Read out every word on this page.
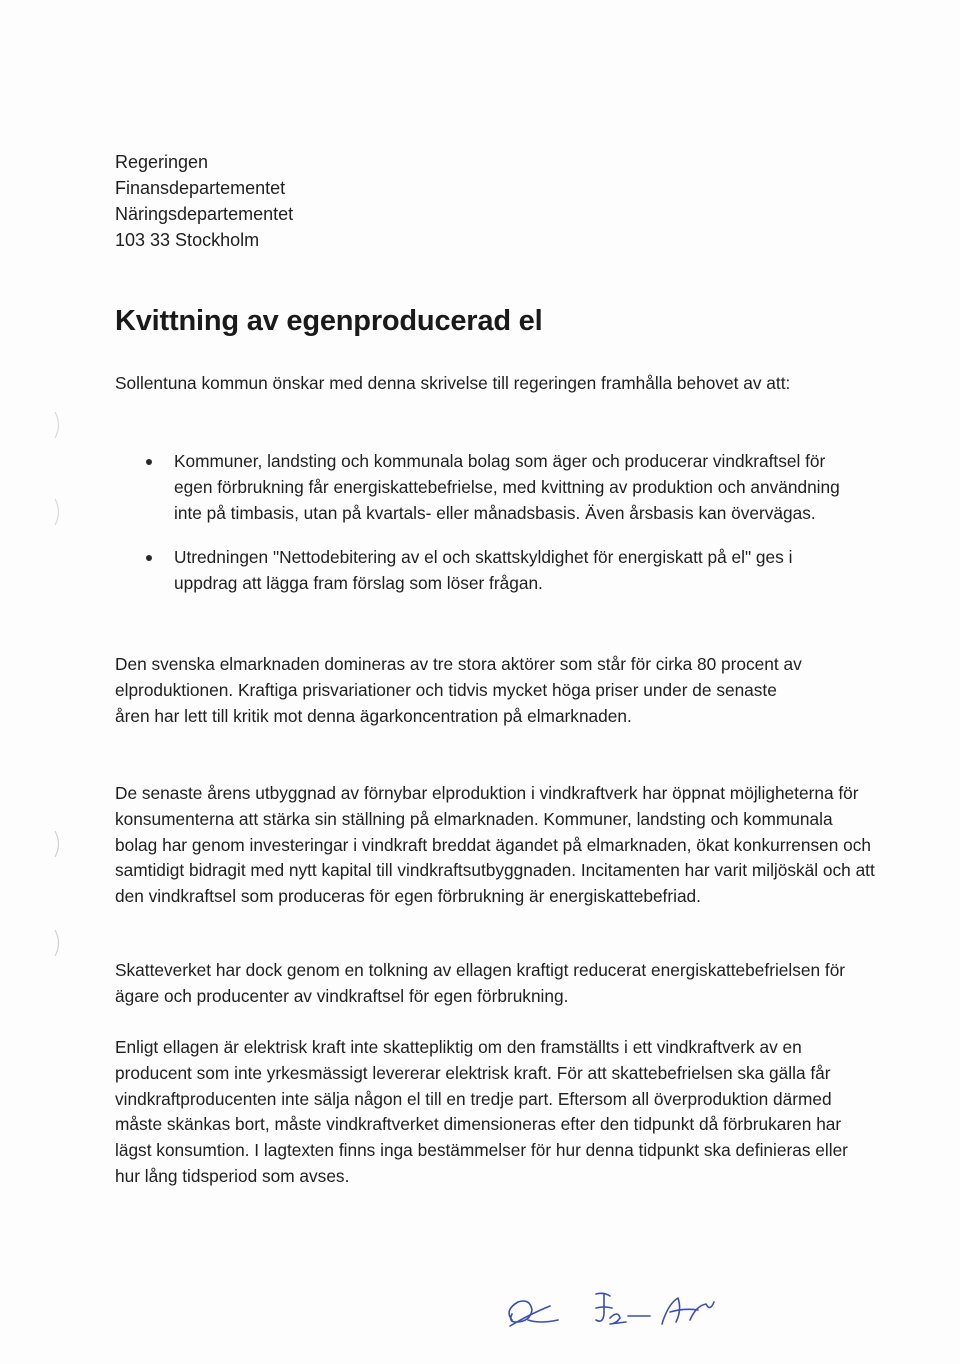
Regeringen
Finansdepartementet
Näringsdepartementet
103 33 Stockholm
Kvittning av egenproducerad el

Sollentuna kommun önskar med denna skrivelse till regeringen framhålla behovet av att:

Kommuner, landsting och kommunala bolag som äger och producerar vindkraftsel för egen förbrukning får energiskattebefrielse, med kvittning av produktion och användning inte på timbasis, utan på kvartals- eller månadsbasis. Även årsbasis kan övervägas.
Utredningen "Nettodebitering av el och skattskyldighet för energiskatt på el" ges i uppdrag att lägga fram förslag som löser frågan.

Den svenska elmarknaden domineras av tre stora aktörer som står för cirka 80 procent av elproduktionen. Kraftiga prisvariationer och tidvis mycket höga priser under de senaste åren har lett till kritik mot denna ägarkoncentration på elmarknaden.

De senaste årens utbyggnad av förnybar elproduktion i vindkraftverk har öppnat möjligheterna för konsumenterna att stärka sin ställning på elmarknaden. Kommuner, landsting och kommunala bolag har genom investeringar i vindkraft breddat ägandet på elmarknaden, ökat konkurrensen och samtidigt bidragit med nytt kapital till vindkraftsutbyggnaden. Incitamenten har varit miljöskäl och att den vindkraftsel som produceras för egen förbrukning är energiskattebefriad.

Skatteverket har dock genom en tolkning av ellagen kraftigt reducerat energiskattebefrielsen för ägare och producenter av vindkraftsel för egen förbrukning.

Enligt ellagen är elektrisk kraft inte skattepliktig om den framställts i ett vindkraftverk av en producent som inte yrkesmässigt levererar elektrisk kraft. För att skattebefrielsen ska gälla får vindkraftproducenten inte sälja någon el till en tredje part. Eftersom all överproduktion därmed måste skänkas bort, måste vindkraftverket dimensioneras efter den tidpunkt då förbrukaren har lägst konsumtion. I lagtexten finns inga bestämmelser för hur denna tidpunkt ska definieras eller hur lång tidsperiod som avses.
